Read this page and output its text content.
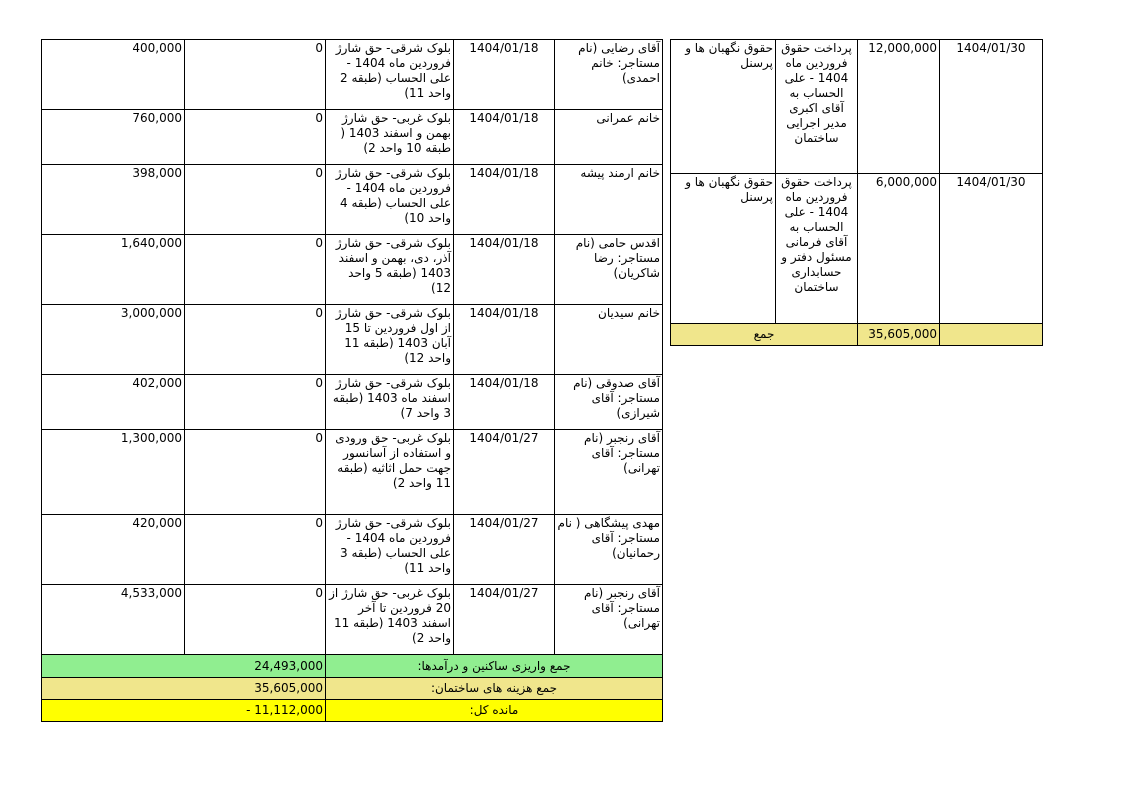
400,000	0	بلوک شرقی- حق شارژ فروردین ماه 1404 - علی الحساب (طبقه 2 واحد 11)	1404/01/18	آقای رضایی (نام مستاجر: خانم احمدی)
760,000	0	بلوک غربی- حق شارژ بهمن و اسفند 1403 ( طبقه 10 واحد 2)	1404/01/18	خانم عمرانی
398,000	0	بلوک شرقی- حق شارژ فروردین ماه 1404 - علی الحساب (طبقه 4 واحد 10)	1404/01/18	خانم ارمند پیشه
1,640,000	0	بلوک شرقی- حق شارژ آذر، دی، بهمن و اسفند 1403 (طبقه 5 واحد 12)	1404/01/18	اقدس حامی (نام مستاجر: رضا شاکریان)
3,000,000	0	بلوک شرقی- حق شارژ از اول فروردین تا 15 آبان 1403 (طبقه 11 واحد 12)	1404/01/18	خانم سیدیان
402,000	0	بلوک شرقی- حق شارژ اسفند ماه 1403 (طبقه 3 واحد 7)	1404/01/18	آقای صدوقی (نام مستاجر: آقای شیرازی)
1,300,000	0	بلوک غربی- حق ورودی و استفاده از آسانسور جهت حمل اثاثیه (طبقه 11 واحد 2)	1404/01/27	آقای رنجبر (نام مستاجر: آقای تهرانی)
420,000	0	بلوک شرقی- حق شارژ فروردین ماه 1404 - علی الحساب (طبقه 3 واحد 11)	1404/01/27	مهدی پیشگاهی ( نام مستاجر: آقای رحمانیان)
4,533,000	0	بلوک غربی- حق شارژ از 20 فروردین تا آخر اسفند 1403 (طبقه 11 واحد 2)	1404/01/27	آقای رنجبر (نام مستاجر: آقای تهرانی)
24,493,000		جمع واریزی ساکنین و درآمدها:		
35,605,000		جمع هزینه های ساختمان:		
- 11,112,000		مانده کل:		
حقوق نگهبان ها و پرسنل	پرداخت حقوق فروردین ماه 1404 - علی الحساب به آقای اکبری مدیر اجرایی ساختمان	12,000,000	1404/01/30
حقوق نگهبان ها و پرسنل	پرداخت حقوق فروردین ماه 1404 - علی الحساب به آقای فرمانی مسئول دفتر و حسابداری ساختمان	6,000,000	1404/01/30
جمع		35,605,000	
